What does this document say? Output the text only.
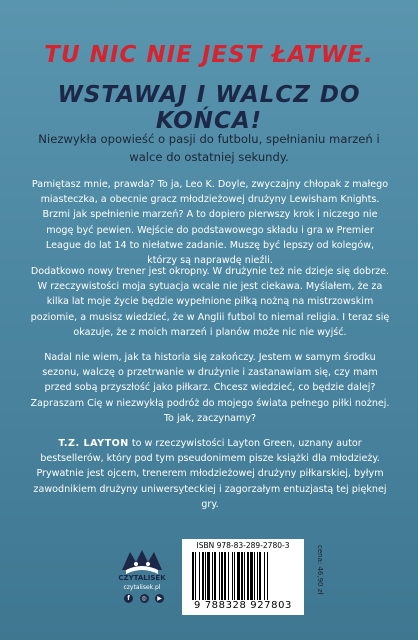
TU NIC NIE JEST ŁATWE.
WSTAWAJ I WALCZ DO KOŃCA!
Niezwykła opowieść o pasji do futbolu, spełnianiu marzeń i walce do ostatniej sekundy.
Pamiętasz mnie, prawda? To ja, Leo K. Doyle, zwyczajny chłopak z małego miasteczka, a obecnie gracz młodzieżowej drużyny Lewisham Knights. Brzmi jak spełnienie marzeń? A to dopiero pierwszy krok i niczego nie mogę być pewien. Wejście do podstawowego składu i gra w Premier League do lat 14 to niełatwe zadanie. Muszę być lepszy od kolegów, którzy są naprawdę nieźli.
Dodatkowo nowy trener jest okropny. W drużynie też nie dzieje się dobrze. W rzeczywistości moja sytuacja wcale nie jest ciekawa. Myślałem, że za kilka lat moje życie będzie wypełnione piłką nożną na mistrzowskim poziomie, a musisz wiedzieć, że w Anglii futbol to niemal religia. I teraz się okazuje, że z moich marzeń i planów może nic nie wyjść.
Nadal nie wiem, jak ta historia się zakończy. Jestem w samym środku sezonu, walczę o przetrwanie w drużynie i zastanawiam się, czy mam przed sobą przyszłość jako piłkarz. Chcesz wiedzieć, co będzie dalej? Zapraszam Cię w niezwykłą podróż do mojego świata pełnego piłki nożnej. To jak, zaczynamy?
T.Z. LAYTON to w rzeczywistości Layton Green, uznany autor bestsellerów, który pod tym pseudonimem pisze książki dla młodzieży. Prywatnie jest ojcem, trenerem młodzieżowej drużyny piłkarskiej, byłym zawodnikiem drużyny uniwersyteckiej i zagorzałym entuzjastą tej pięknej gry.
CZYTALISEK
czytalisek.pl
f	◎	▶
ISBN 978-83-289-2780-3
9 788328 927803
cena: 46,90 zł
